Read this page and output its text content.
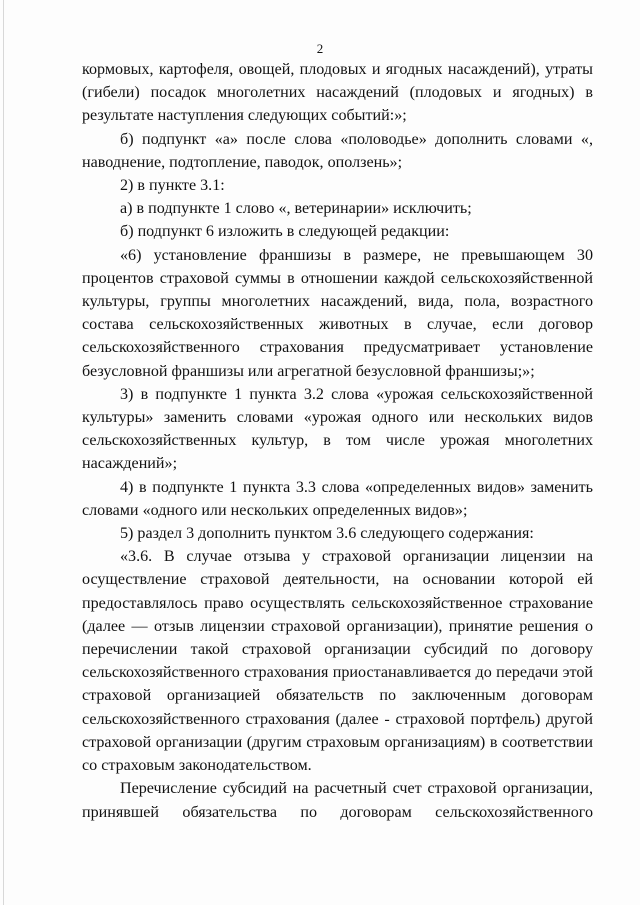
2

кормовых, картофеля, овощей, плодовых и ягодных насаждений), утраты (гибели) посадок многолетних насаждений (плодовых и ягодных) в результате наступления следующих событий:»;

б) подпункт «а» после слова «половодье» дополнить словами «, наводнение, подтопление, паводок, оползень»;

2) в пункте 3.1:

а) в подпункте 1 слово «, ветеринарии» исключить;

б) подпункт 6 изложить в следующей редакции:

«6) установление франшизы в размере, не превышающем 30 процентов страховой суммы в отношении каждой сельскохозяйственной культуры, группы многолетних насаждений, вида, пола, возрастного состава сельскохозяйственных животных в случае, если договор сельскохозяйственного страхования предусматривает установление безусловной франшизы или агрегатной безусловной франшизы;»;

3) в подпункте 1 пункта 3.2 слова «урожая сельскохозяйственной культуры» заменить словами «урожая одного или нескольких видов сельскохозяйственных культур, в том числе урожая многолетних насаждений»;

4) в подпункте 1 пункта 3.3 слова «определенных видов» заменить словами «одного или нескольких определенных видов»;

5) раздел 3 дополнить пунктом 3.6 следующего содержания:

«3.6. В случае отзыва у страховой организации лицензии на осуществление страховой деятельности, на основании которой ей предоставлялось право осуществлять сельскохозяйственное страхование (далее — отзыв лицензии страховой организации), принятие решения о перечислении такой страховой организации субсидий по договору сельскохозяйственного страхования приостанавливается до передачи этой страховой организацией обязательств по заключенным договорам сельскохозяйственного страхования (далее - страховой портфель) другой страховой организации (другим страховым организациям) в соответствии со страховым законодательством.

Перечисление субсидий на расчетный счет страховой организации, принявшей обязательства по договорам сельскохозяйственного
